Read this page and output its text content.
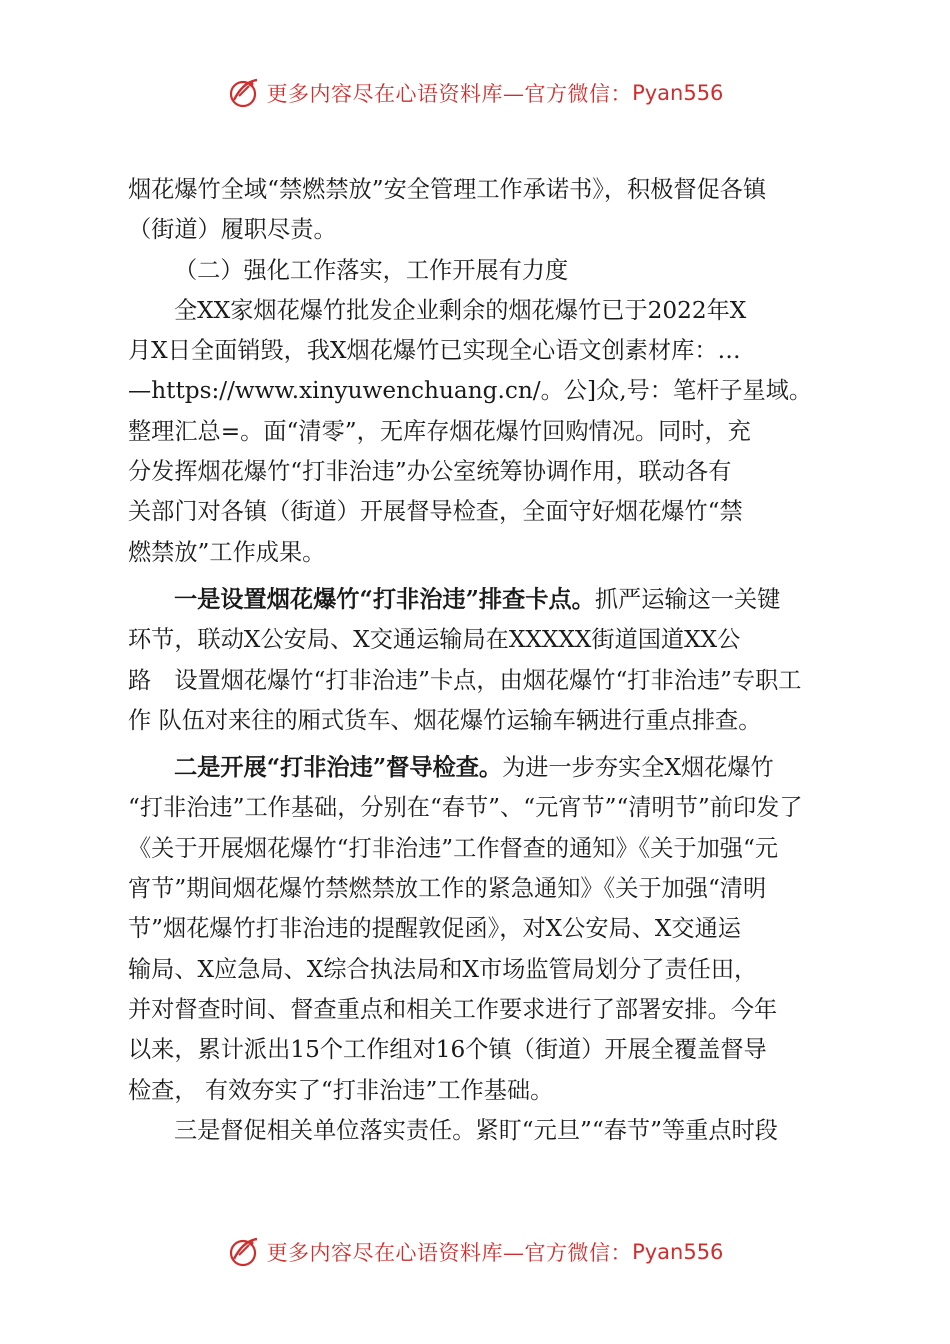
更多内容尽在心语资料库—官方微信： Pyan556
烟花爆竹全域“禁燃禁放”安全管理工作承诺书》，积极督促各镇
（街道）履职尽责。
（二）强化工作落实，工作开展有力度
全XX家烟花爆竹批发企业剩余的烟花爆竹已于2022年X
月X日全面销毁，我X烟花爆竹已实现全心语文创素材库：…
—https://www.xinyuwenchuang.cn/。公]众,号：笔杆子星域。
整理汇总=。面“清零”，无库存烟花爆竹回购情况。同时，充
分发挥烟花爆竹“打非治违”办公室统筹协调作用，联动各有
关部门对各镇（街道）开展督导检查，全面守好烟花爆竹“禁
燃禁放”工作成果。
一是设置烟花爆竹“打非治违”排查卡点。抓严运输这一关键
环节，联动X公安局、X交通运输局在XXXXX街道国道XX公
路　设置烟花爆竹“打非治违”卡点，由烟花爆竹“打非治违”专职工
作 队伍对来往的厢式货车、烟花爆竹运输车辆进行重点排查。
二是开展“打非治违”督导检查。为进一步夯实全X烟花爆竹
“打非治违”工作基础，分别在“春节”、“元宵节”“清明节”前印发了
《关于开展烟花爆竹“打非治违”工作督查的通知》《关于加强“元
宵节”期间烟花爆竹禁燃禁放工作的紧急通知》《关于加强“清明
节”烟花爆竹打非治违的提醒敦促函》，对X公安局、X交通运
输局、X应急局、X综合执法局和X市场监管局划分了责任田，
并对督查时间、督查重点和相关工作要求进行了部署安排。今年
以来，累计派出15个工作组对16个镇（街道）开展全覆盖督导
检查， 有效夯实了“打非治违”工作基础。
三是督促相关单位落实责任。紧盯“元旦”“春节”等重点时段
更多内容尽在心语资料库—官方微信： Pyan556
